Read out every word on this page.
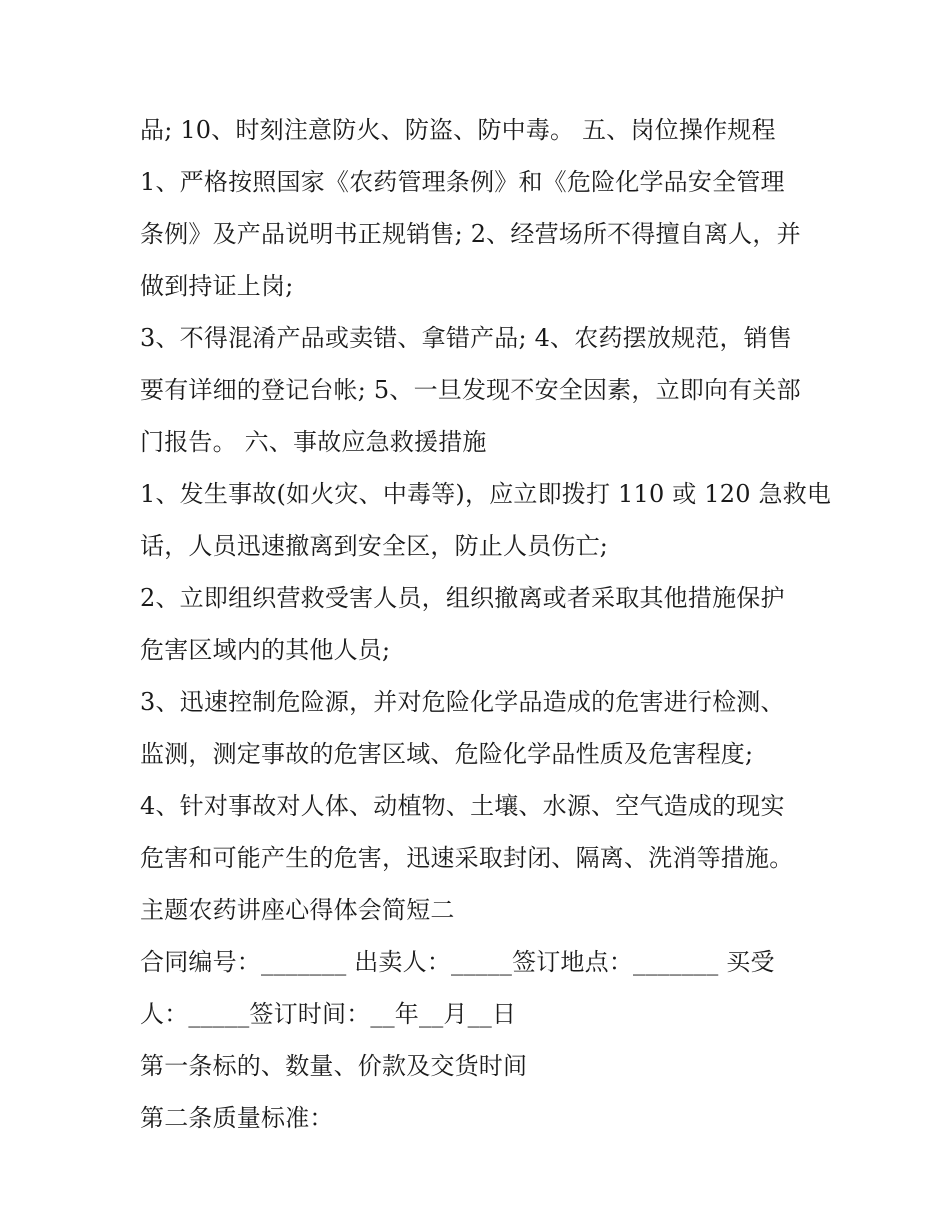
品; 10、时刻注意防火、防盗、防中毒。 五、岗位操作规程
1、严格按照国家《农药管理条例》和《危险化学品安全管理
条例》及产品说明书正规销售; 2、经营场所不得擅自离人，并
做到持证上岗;
3、不得混淆产品或卖错、拿错产品; 4、农药摆放规范，销售
要有详细的登记台帐; 5、一旦发现不安全因素，立即向有关部
门报告。 六、事故应急救援措施
1、发生事故(如火灾、中毒等)，应立即拨打 110 或 120 急救电
话，人员迅速撤离到安全区，防止人员伤亡;
2、立即组织营救受害人员，组织撤离或者采取其他措施保护
危害区域内的其他人员;
3、迅速控制危险源，并对危险化学品造成的危害进行检测、
监测，测定事故的危害区域、危险化学品性质及危害程度;
4、针对事故对人体、动植物、土壤、水源、空气造成的现实
危害和可能产生的危害，迅速采取封闭、隔离、洗消等措施。
主题农药讲座心得体会简短二
合同编号：_______ 出卖人：_____签订地点：_______ 买受
人：_____签订时间：__年__月__日
第一条标的、数量、价款及交货时间
第二条质量标准：
